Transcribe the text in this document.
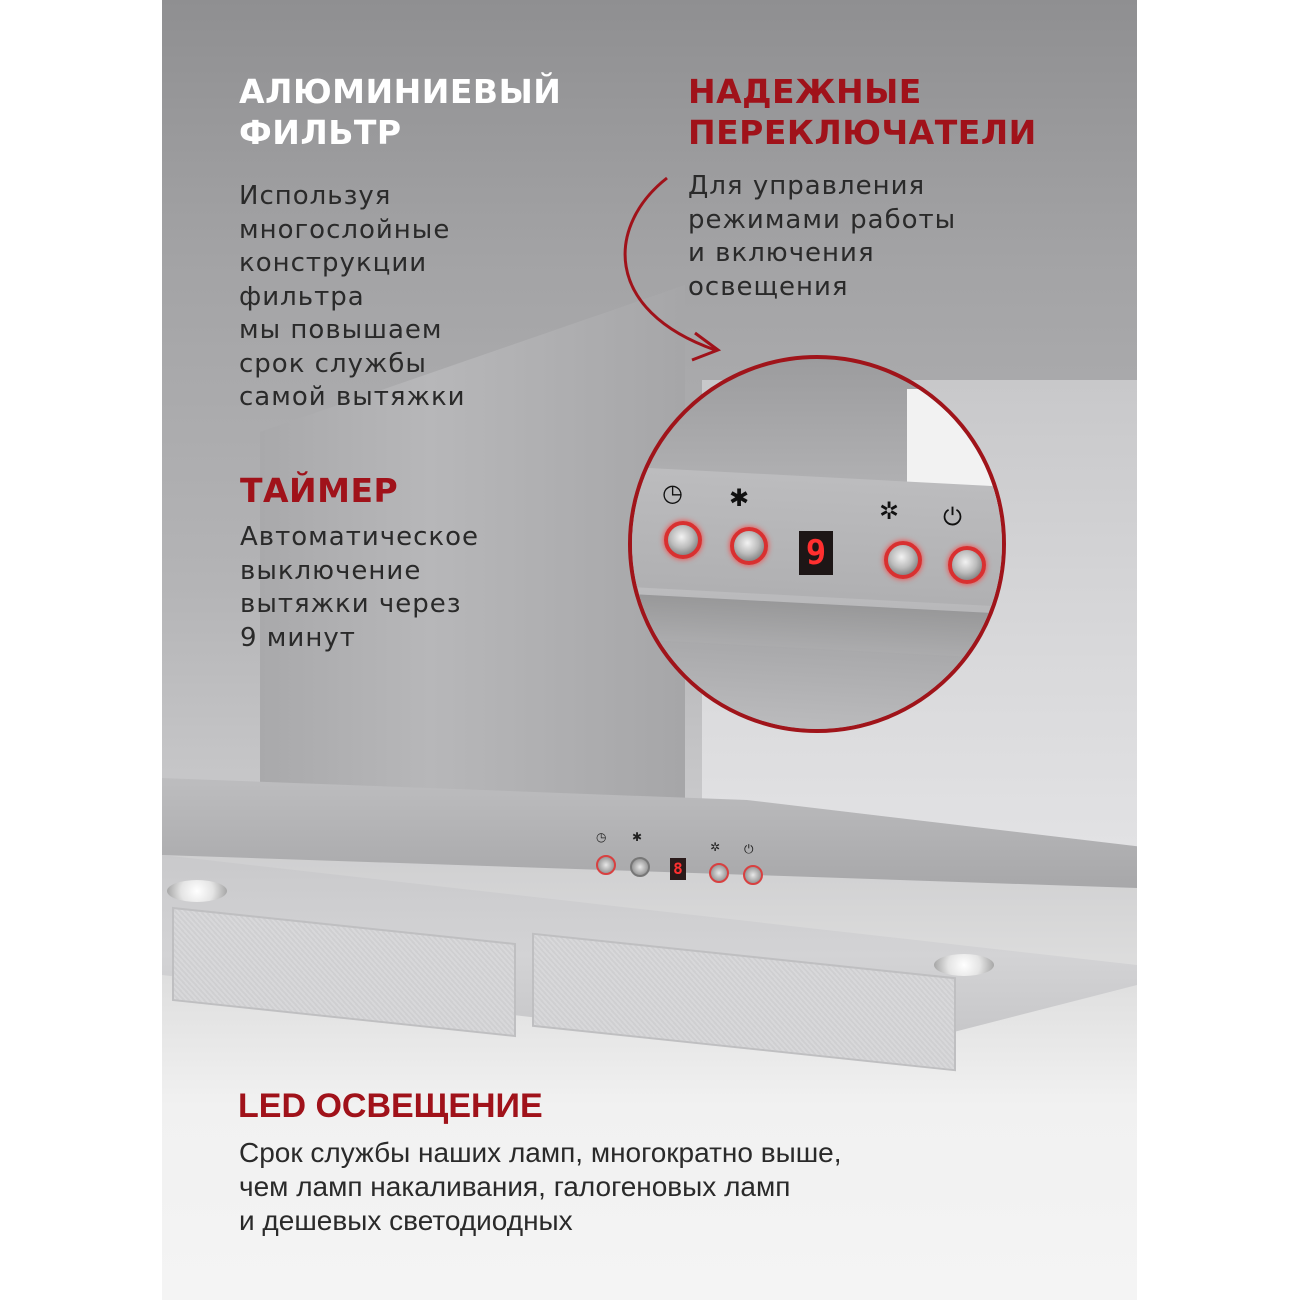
◷ ✱
✲ ⏻
8
◷ ✱	✲ ⏻
9
АЛЮМИНИЕВЫЙ
ФИЛЬТР
Используя
многослойные
конструкции
фильтра
мы повышаем
срок службы
самой вытяжки
НАДЕЖНЫЕ
ПЕРЕКЛЮЧАТЕЛИ
Для управления
режимами работы
и включения
освещения
ТАЙМЕР
Автоматическое
выключение
вытяжки через
9 минут
LED ОСВЕЩЕНИЕ
Срок службы наших ламп, многократно выше,
чем ламп накаливания, галогеновых ламп
и дешевых светодиодных
